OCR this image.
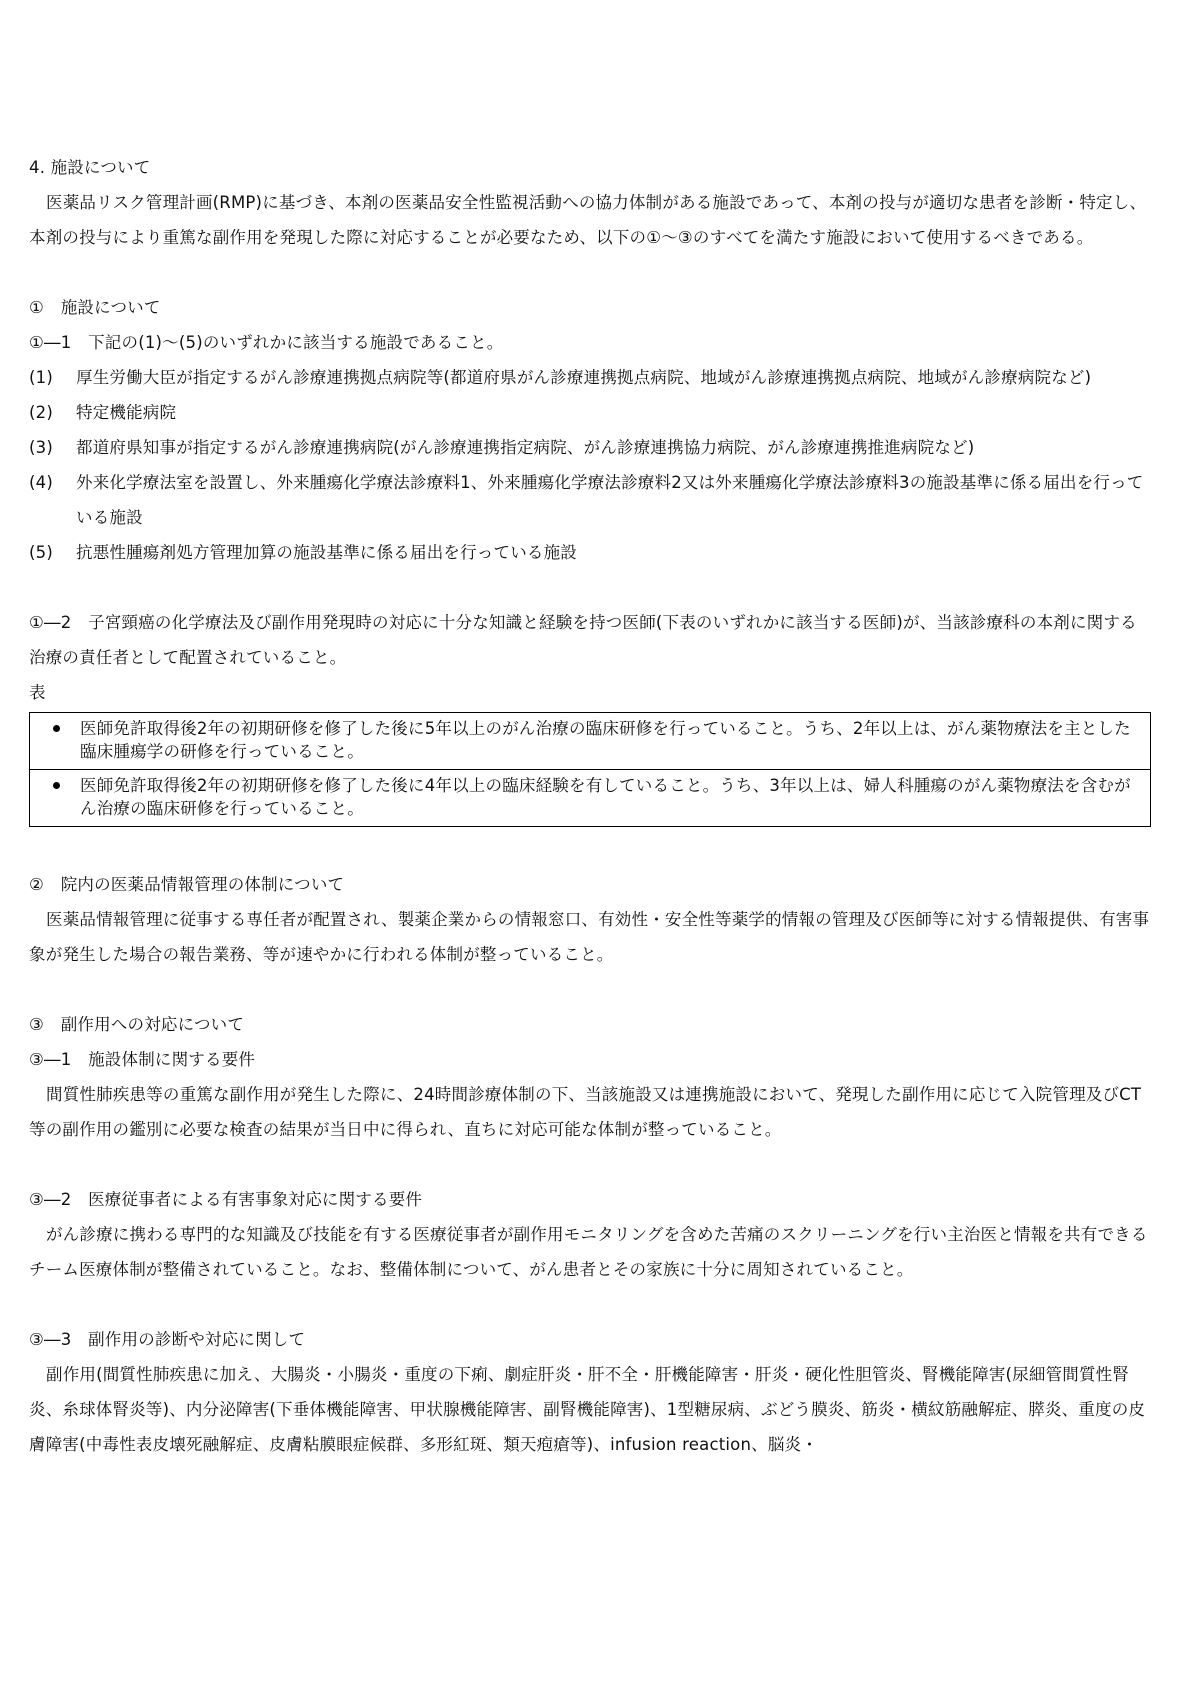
4. 施設について
医薬品リスク管理計画(RMP)に基づき、本剤の医薬品安全性監視活動への協力体制がある施設であって、本剤の投与が適切な患者を診断・特定し、本剤の投与により重篤な副作用を発現した際に対応することが必要なため、以下の①～③のすべてを満たす施設において使用するべきである。
①　施設について
①―1　下記の(1)～(5)のいずれかに該当する施設であること。
(1)	厚生労働大臣が指定するがん診療連携拠点病院等(都道府県がん診療連携拠点病院、地域がん診療連携拠点病院、地域がん診療病院など)
(2)	特定機能病院
(3)	都道府県知事が指定するがん診療連携病院(がん診療連携指定病院、がん診療連携協力病院、がん診療連携推進病院など)
(4)	外来化学療法室を設置し、外来腫瘍化学療法診療料1、外来腫瘍化学療法診療料2又は外来腫瘍化学療法診療料3の施設基準に係る届出を行っている施設
(5)	抗悪性腫瘍剤処方管理加算の施設基準に係る届出を行っている施設
①―2　子宮頸癌の化学療法及び副作用発現時の対応に十分な知識と経験を持つ医師(下表のいずれかに該当する医師)が、当該診療科の本剤に関する治療の責任者として配置されていること。
表
医師免許取得後2年の初期研修を修了した後に5年以上のがん治療の臨床研修を行っていること。うち、2年以上は、がん薬物療法を主とした臨床腫瘍学の研修を行っていること。
医師免許取得後2年の初期研修を修了した後に4年以上の臨床経験を有していること。うち、3年以上は、婦人科腫瘍のがん薬物療法を含むがん治療の臨床研修を行っていること。
②　院内の医薬品情報管理の体制について
医薬品情報管理に従事する専任者が配置され、製薬企業からの情報窓口、有効性・安全性等薬学的情報の管理及び医師等に対する情報提供、有害事象が発生した場合の報告業務、等が速やかに行われる体制が整っていること。
③　副作用への対応について
③―1　施設体制に関する要件
間質性肺疾患等の重篤な副作用が発生した際に、24時間診療体制の下、当該施設又は連携施設において、発現した副作用に応じて入院管理及びCT等の副作用の鑑別に必要な検査の結果が当日中に得られ、直ちに対応可能な体制が整っていること。
③―2　医療従事者による有害事象対応に関する要件
がん診療に携わる専門的な知識及び技能を有する医療従事者が副作用モニタリングを含めた苦痛のスクリーニングを行い主治医と情報を共有できるチーム医療体制が整備されていること。なお、整備体制について、がん患者とその家族に十分に周知されていること。
③―3　副作用の診断や対応に関して
副作用(間質性肺疾患に加え、大腸炎・小腸炎・重度の下痢、劇症肝炎・肝不全・肝機能障害・肝炎・硬化性胆管炎、腎機能障害(尿細管間質性腎炎、糸球体腎炎等)、内分泌障害(下垂体機能障害、甲状腺機能障害、副腎機能障害)、1型糖尿病、ぶどう膜炎、筋炎・横紋筋融解症、膵炎、重度の皮膚障害(中毒性表皮壊死融解症、皮膚粘膜眼症候群、多形紅斑、類天疱瘡等)、infusion reaction、脳炎・
